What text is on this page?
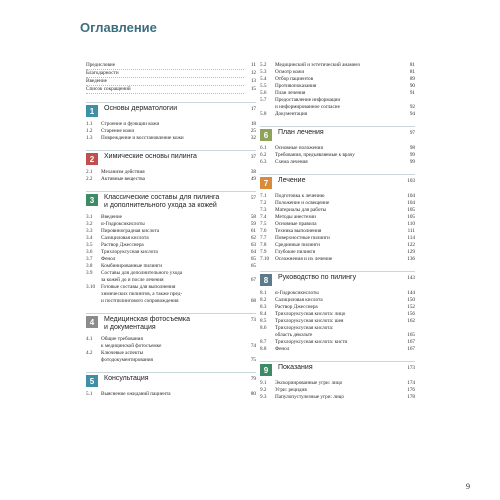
Оглавление
Предисловие	11
Благодарности	12
Введение	13
Список сокращений	15
1	Основы дерматологии	17
1.1	Строение и функции кожи	18
1.2	Старение кожи	25
1.3	Повреждение и восстановление кожи	32
2	Химические основы пилинга	37
2.1	Механизм действия	38
2.2	Активные вещества	49
3	Классические составы для пилинга
и дополнительного ухода за кожей
57
3.1	Введение	58
3.2	α-Гидроксикислоты	59
3.3	Пировиноградная кислота	61
3.4	Салициловая кислота	62
3.5	Раствор Джесснера	63
3.6	Трихлоруксусная кислота	64
3.7	Фенол	65
3.8	Комбинированные пилинги	65
3.9	Составы для дополнительного ухода
за кожей до и после лечения	67
3.10	Готовые составы для выполнения
химических пилингов, а также пред-
и постпилингового сопровождения	68
4	Медицинская фотосъемка
и документация
73
4.1	Общие требования
к медицинской фотосъемке	74
4.2	Ключевые аспекты
фотодокументирования	75
5	Консультация	79
5.1	Выяснение ожиданий пациента	80
5.2	Медицинский и эстетический анамнез	81
5.3	Осмотр кожи	81
5.4	Отбор пациентов	89
5.5	Противопоказания	90
5.6	План лечения	91
5.7	Предоставление информации
и информированное согласие	92
5.8	Документация	94
6	План лечения	97
6.1	Основные положения	98
6.2	Требования, предъявляемые к врачу	99
6.3	Схема лечения	99
7	Лечение	103
7.1	Подготовка к лечению	104
7.2	Положение и освещение	104
7.3	Материалы для работы	105
7.4	Методы анестезии	105
7.5	Основные правила	110
7.6	Техника выполнения	111
7.7	Поверхностные пилинги	114
7.8	Срединные пилинги	122
7.9	Глубокие пилинги	129
7.10	Осложнения и их лечение	136
8	Руководство по пилингу	143
8.1	α-Гидроксикислоты	144
8.2	Салициловая кислота	150
8.3	Раствор Джесснера	152
8.4	Трихлоруксусная кислота: лицо	156
8.5	Трихлоруксусная кислота: шея	162
8.6	Трихлоруксусная кислота:
область декольте	165
8.7	Трихлоруксусная кислота: кисти	167
8.8	Фенол	167
9	Показания	173
9.1	Экскориированные угри: лицо	174
9.2	Угри: рецидив	176
9.3	Папулопустулезные угри: лицо	178
9
